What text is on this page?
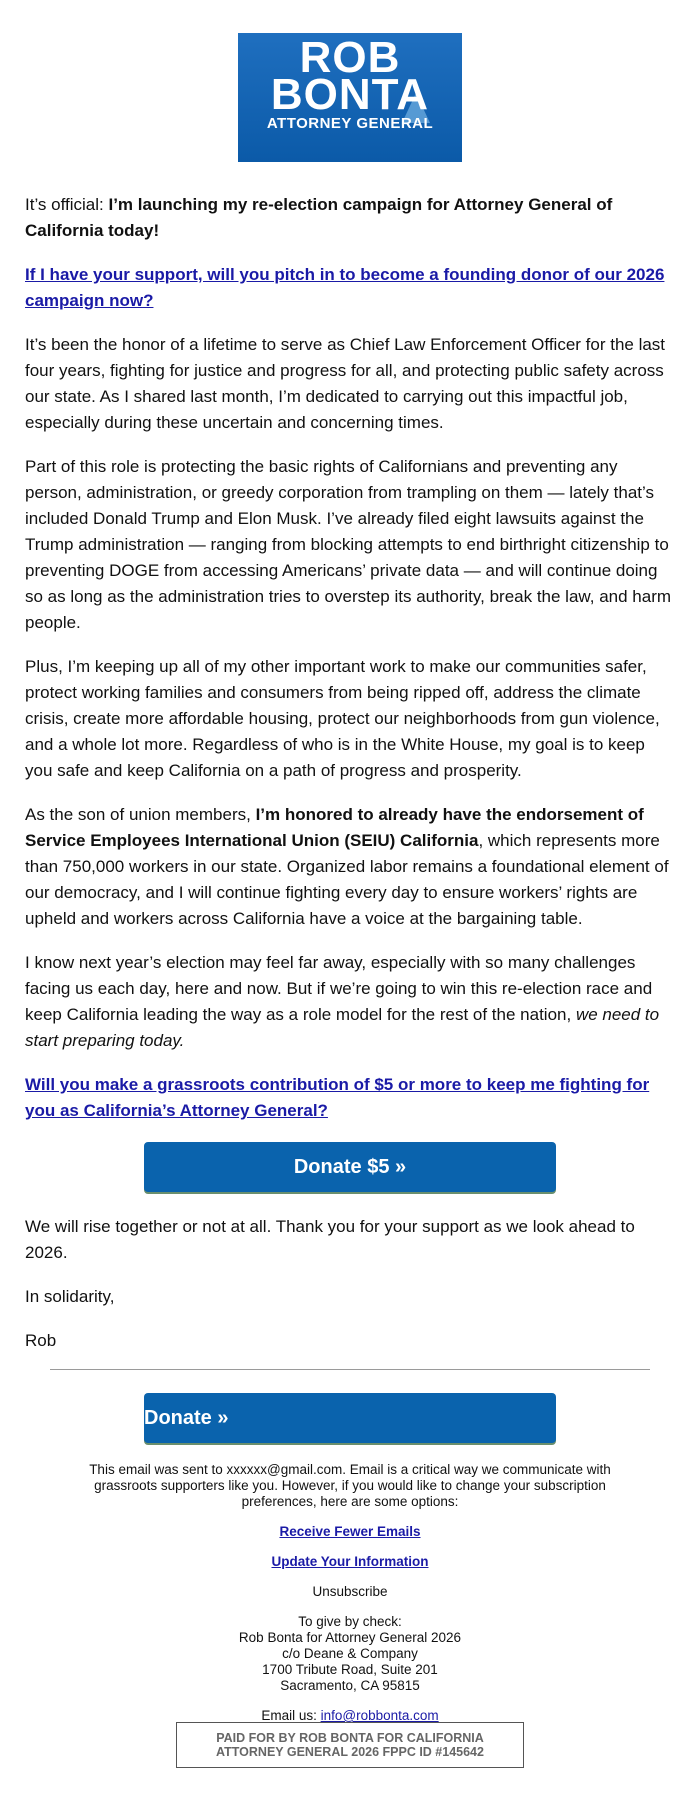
ROB
BONTA
ATTORNEY GENERAL

It’s official: I’m launching my re-election campaign for Attorney General of California today!

If I have your support, will you pitch in to become a founding donor of our 2026 campaign now?

It’s been the honor of a lifetime to serve as Chief Law Enforcement Officer for the last four years, fighting for justice and progress for all, and protecting public safety across our state. As I shared last month, I’m dedicated to carrying out this impactful job, especially during these uncertain and concerning times.

Part of this role is protecting the basic rights of Californians and preventing any person, administration, or greedy corporation from trampling on them — lately that’s included Donald Trump and Elon Musk. I’ve already filed eight lawsuits against the Trump administration — ranging from blocking attempts to end birthright citizenship to preventing DOGE from accessing Americans’ private data — and will continue doing so as long as the administration tries to overstep its authority, break the law, and harm people.

Plus, I’m keeping up all of my other important work to make our communities safer, protect working families and consumers from being ripped off, address the climate crisis, create more affordable housing, protect our neighborhoods from gun violence, and a whole lot more. Regardless of who is in the White House, my goal is to keep you safe and keep California on a path of progress and prosperity.

As the son of union members, I’m honored to already have the endorsement of Service Employees International Union (SEIU) California, which represents more than 750,000 workers in our state. Organized labor remains a foundational element of our democracy, and I will continue fighting every day to ensure workers’ rights are upheld and workers across California have a voice at the bargaining table.

I know next year’s election may feel far away, especially with so many challenges facing us each day, here and now. But if we’re going to win this re-election race and keep California leading the way as a role model for the rest of the nation, we need to start preparing today.

Will you make a grassroots contribution of $5 or more to keep me fighting for you as California’s Attorney General?

Donate $5 »

We will rise together or not at all. Thank you for your support as we look ahead to 2026.

In solidarity,

Rob

Donate »

This email was sent to xxxxxx@gmail.com. Email is a critical way we communicate with grassroots supporters like you. However, if you would like to change your subscription preferences, here are some options:

Receive Fewer Emails

Update Your Information

Unsubscribe

To give by check:
Rob Bonta for Attorney General 2026
c/o Deane & Company
1700 Tribute Road, Suite 201
Sacramento, CA 95815

Email us: info@robbonta.com

PAID FOR BY ROB BONTA FOR CALIFORNIA
ATTORNEY GENERAL 2026 FPPC ID #145642
